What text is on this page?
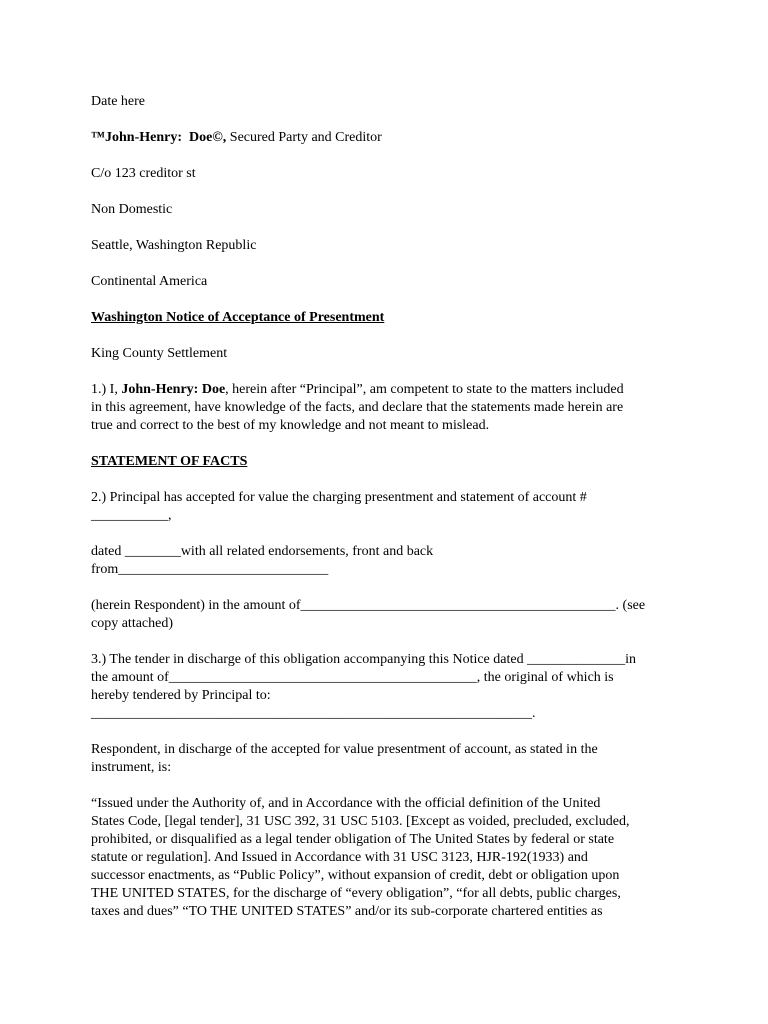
Date here

™John-Henry: Doe©, Secured Party and Creditor

C/o 123 creditor st

Non Domestic

Seattle, Washington Republic

Continental America

Washington Notice of Acceptance of Presentment

King County Settlement

1.) I, John-Henry: Doe, herein after “Principal”, am competent to state to the matters included
in this agreement, have knowledge of the facts, and declare that the statements made herein are
true and correct to the best of my knowledge and not meant to mislead.

STATEMENT OF FACTS

2.) Principal has accepted for value the charging presentment and statement of account #
___________,

dated ________with all related endorsements, front and back
from______________________________

(herein Respondent) in the amount of_____________________________________________. (see
copy attached)

3.) The tender in discharge of this obligation accompanying this Notice dated ______________in
the amount of____________________________________________, the original of which is
hereby tendered by Principal to:
_______________________________________________________________.

Respondent, in discharge of the accepted for value presentment of account, as stated in the
instrument, is:

“Issued under the Authority of, and in Accordance with the official definition of the United
States Code, [legal tender], 31 USC 392, 31 USC 5103. [Except as voided, precluded, excluded,
prohibited, or disqualified as a legal tender obligation of The United States by federal or state
statute or regulation]. And Issued in Accordance with 31 USC 3123, HJR-192(1933) and
successor enactments, as “Public Policy”, without expansion of credit, debt or obligation upon
THE UNITED STATES, for the discharge of “every obligation”, “for all debts, public charges,
taxes and dues” “TO THE UNITED STATES” and/or its sub-corporate chartered entities as
